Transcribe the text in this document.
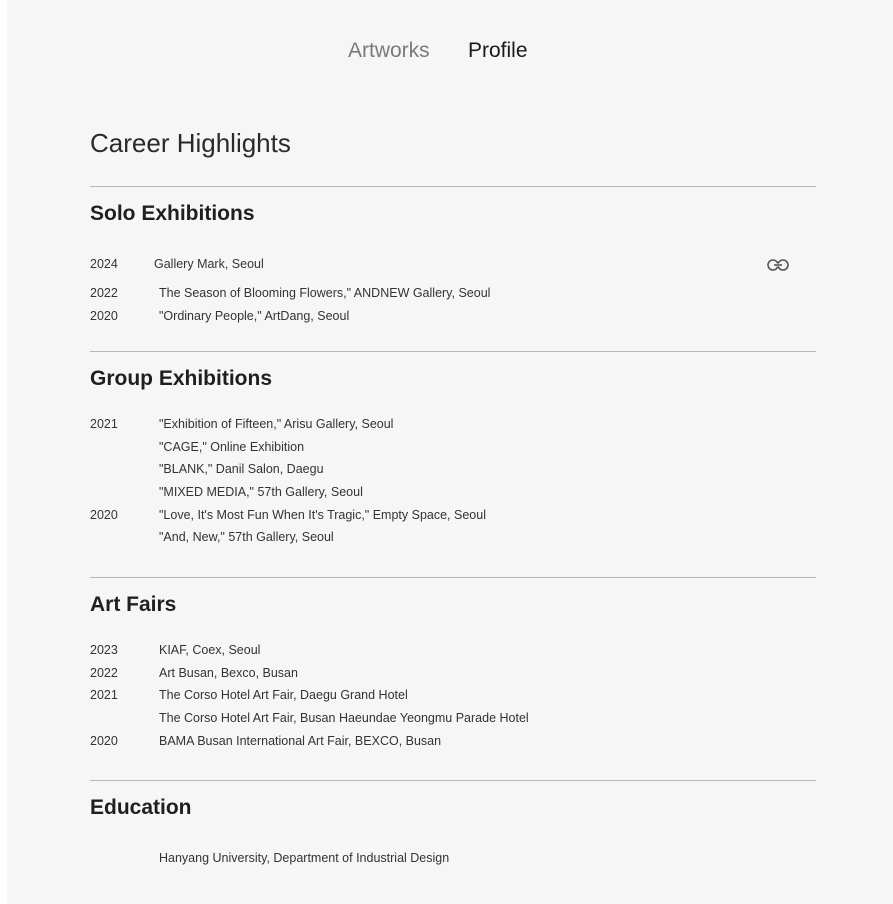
Artworks Profile
Career Highlights
Solo Exhibitions
2024	Gallery Mark, Seoul
2022	The Season of Blooming Flowers," ANDNEW Gallery, Seoul
2020	"Ordinary People," ArtDang, Seoul
Group Exhibitions
2021	"Exhibition of Fifteen," Arisu Gallery, Seoul
"CAGE," Online Exhibition
"BLANK," Danil Salon, Daegu
"MIXED MEDIA," 57th Gallery, Seoul
2020	"Love, It's Most Fun When It's Tragic," Empty Space, Seoul
"And, New," 57th Gallery, Seoul
Art Fairs
2023	KIAF, Coex, Seoul
2022	Art Busan, Bexco, Busan
2021	The Corso Hotel Art Fair, Daegu Grand Hotel
The Corso Hotel Art Fair, Busan Haeundae Yeongmu Parade Hotel
2020	BAMA Busan International Art Fair, BEXCO, Busan
Education
Hanyang University, Department of Industrial Design
